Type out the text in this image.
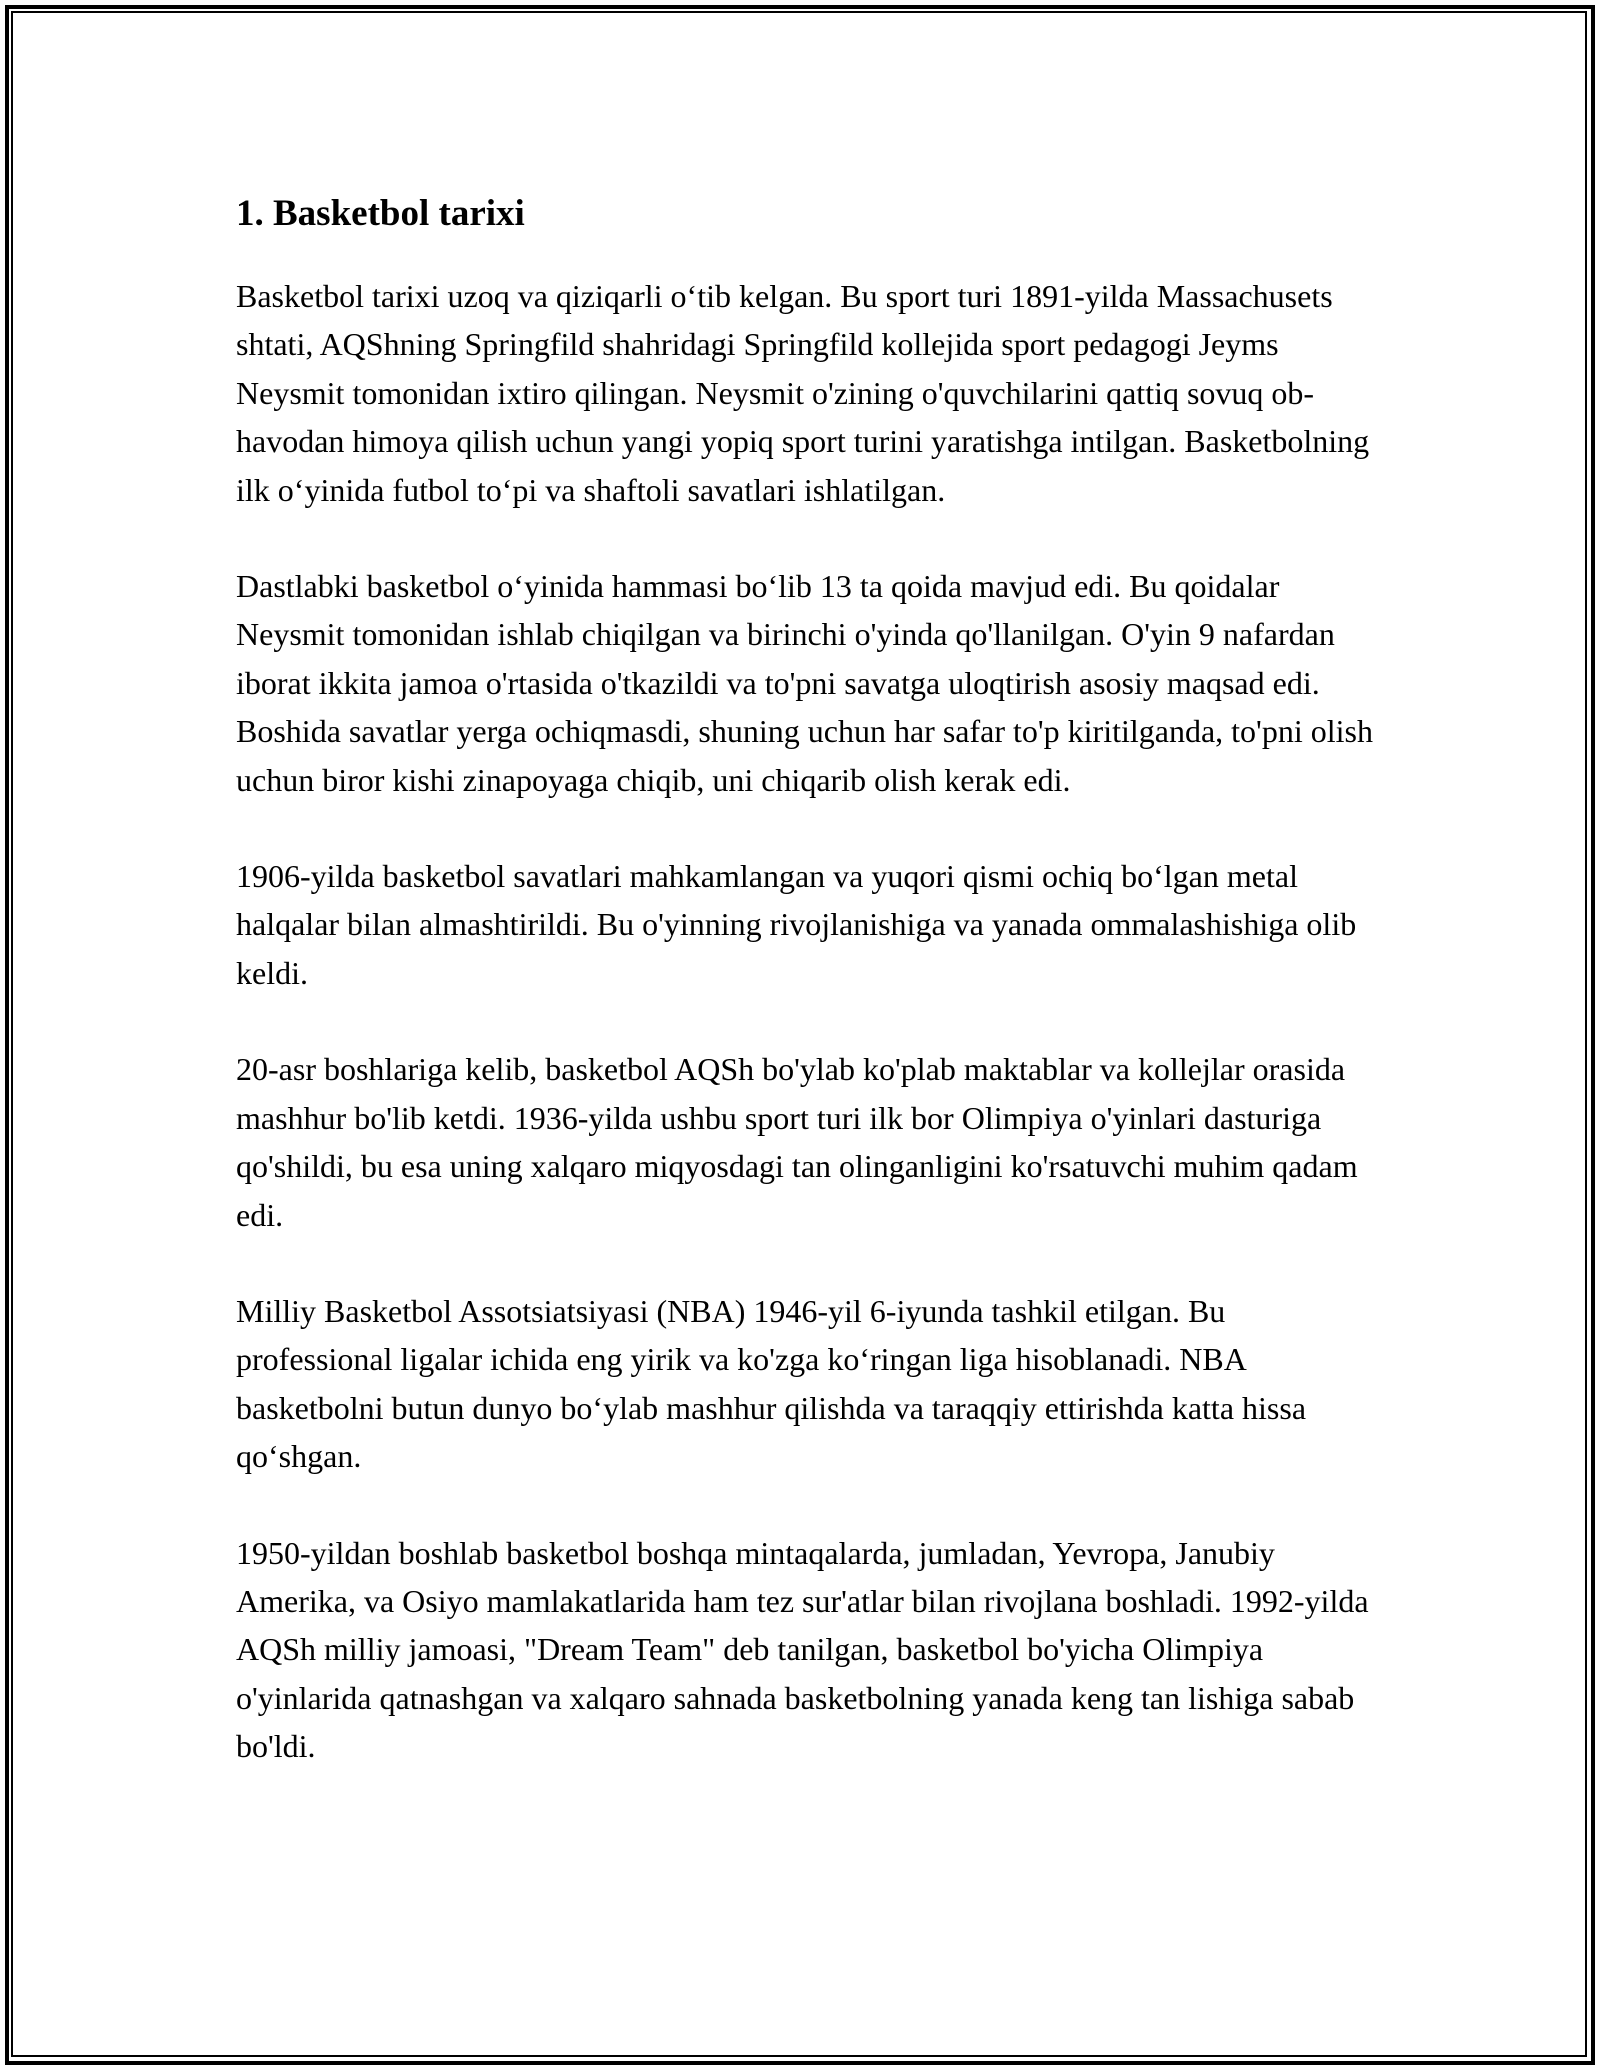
1. Basketbol tarixi

Basketbol tarixi uzoq va qiziqarli o‘tib kelgan. Bu sport turi 1891-yilda Massachusets shtati, AQShning Springfild shahridagi Springfild kollejida sport pedagogi Jeyms Neysmit tomonidan ixtiro qilingan. Neysmit o'zining o'quvchilarini qattiq sovuq ob-havodan himoya qilish uchun yangi yopiq sport turini yaratishga intilgan. Basketbolning ilk o‘yinida futbol to‘pi va shaftoli savatlari ishlatilgan.

Dastlabki basketbol o‘yinida hammasi bo‘lib 13 ta qoida mavjud edi. Bu qoidalar Neysmit tomonidan ishlab chiqilgan va birinchi o'yinda qo'llanilgan. O'yin 9 nafardan iborat ikkita jamoa o'rtasida o'tkazildi va to'pni savatga uloqtirish asosiy maqsad edi. Boshida savatlar yerga ochiqmasdi, shuning uchun har safar to'p kiritilganda, to'pni olish uchun biror kishi zinapoyaga chiqib, uni chiqarib olish kerak edi.

1906-yilda basketbol savatlari mahkamlangan va yuqori qismi ochiq bo‘lgan metal halqalar bilan almashtirildi. Bu o'yinning rivojlanishiga va yanada ommalashishiga olib keldi.

20-asr boshlariga kelib, basketbol AQSh bo'ylab ko'plab maktablar va kollejlar orasida mashhur bo'lib ketdi. 1936-yilda ushbu sport turi ilk bor Olimpiya o'yinlari dasturiga qo'shildi, bu esa uning xalqaro miqyosdagi tan olinganligini ko'rsatuvchi muhim qadam edi.

Milliy Basketbol Assotsiatsiyasi (NBA) 1946-yil 6-iyunda tashkil etilgan. Bu professional ligalar ichida eng yirik va ko'zga ko‘ringan liga hisoblanadi. NBA basketbolni butun dunyo bo‘ylab mashhur qilishda va taraqqiy ettirishda katta hissa qo‘shgan.

1950-yildan boshlab basketbol boshqa mintaqalarda, jumladan, Yevropa, Janubiy Amerika, va Osiyo mamlakatlarida ham tez sur'atlar bilan rivojlana boshladi. 1992-yilda AQSh milliy jamoasi, "Dream Team" deb tanilgan, basketbol bo'yicha Olimpiya o'yinlarida qatnashgan va xalqaro sahnada basketbolning yanada keng tan lishiga sabab bo'ldi.
